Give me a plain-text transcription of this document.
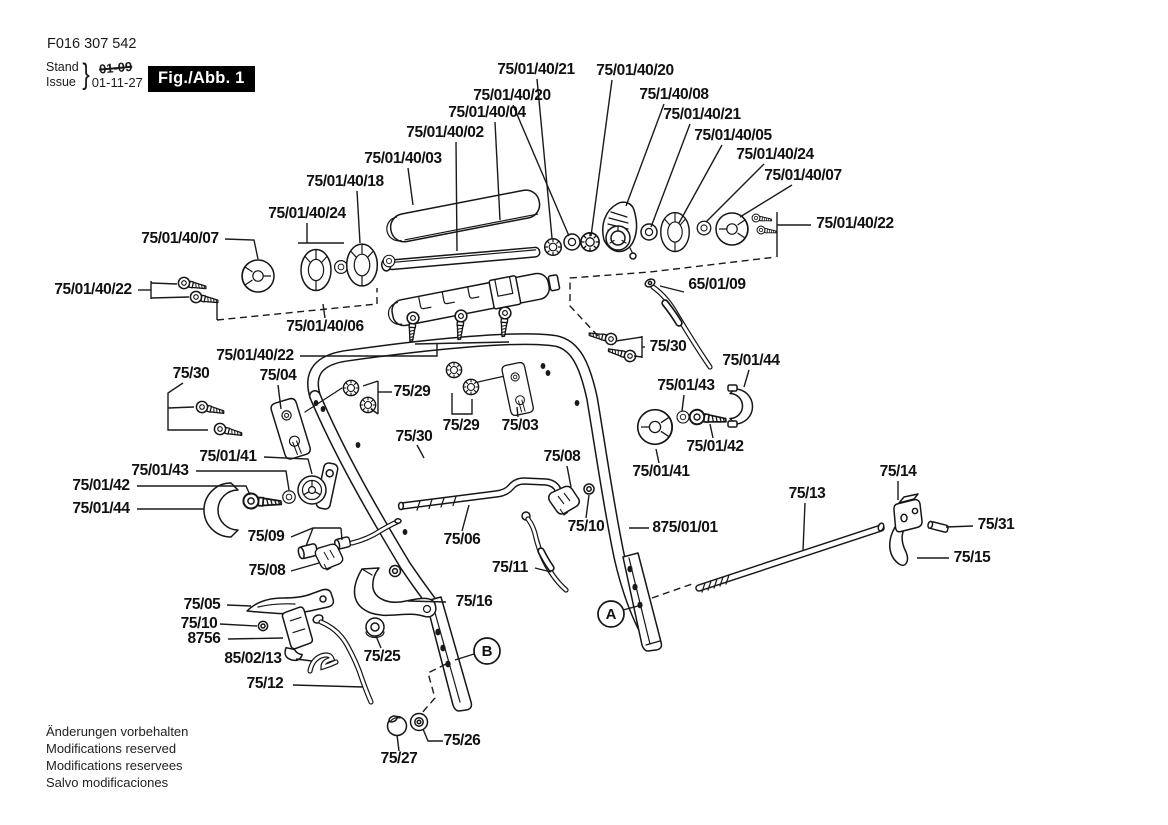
A
B
75/01/40/21 75/01/40/20
75/01/40/20	75/1/40/08
75/01/40/04	75/01/40/21
75/01/40/02	75/01/40/05
75/01/40/03	75/01/40/24
75/01/40/18	75/01/40/07
75/01/40/24
75/01/40/22
75/01/40/07
75/01/40/22	65/01/09
75/01/40/06
75/01/40/22
75/30	75/04
75/29
75/30
75/01/44
75/29 75/03
75/30
75/01/43
75/08
75/14
75/01/41
75/01/43
75/01/42
75/01/44
75/01/42
75/01/41
75/13
75/09	75/06
75/10	875/01/01	75/31
75/11
75/08
75/15
75/16
75/05
75/10
8756
85/02/13	75/25
75/12
75/26
75/27
F016 307 542
Stand
Issue } 01-09
01-11-27 Fig./Abb. 1
Änderungen vorbehalten
Modifications reserved
Modifications reservees
Salvo modificaciones
